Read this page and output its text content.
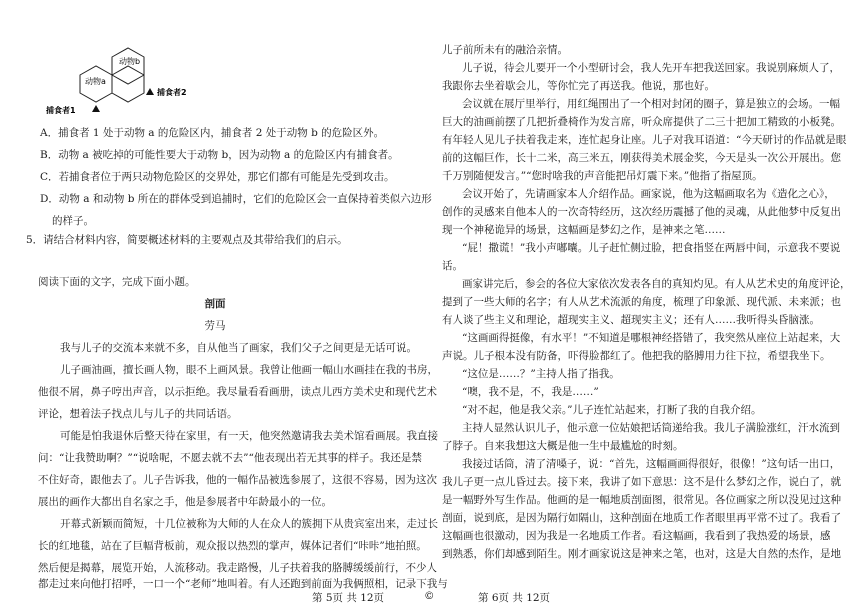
动物b
动物a
捕食者2
捕食者1
A．捕食者 1 处于动物 a 的危险区内，捕食者 2 处于动物 b 的危险区外。
B．动物 a 被吃掉的可能性要大于动物 b，因为动物 a 的危险区内有捕食者。
C．若捕食者位于两只动物危险区的交界处，那它们都有可能是先受到攻击。
D．动物 a 和动物 b 所在的群体受到追捕时，它们的危险区会一直保持着类似六边形
的样子。
5．请结合材料内容，简要概述材料的主要观点及其带给我们的启示。
阅读下面的文字，完成下面小题。
剖面
劳马
我与儿子的交流本来就不多，自从他当了画家，我们父子之间更是无话可说。
儿子画油画，擅长画人物，眼不上画风景。我曾让他画一幅山水画挂在我的书房，
他很不屑，鼻子哼出声音，以示拒绝。我尽量看看画册，读点儿西方美术史和现代艺术
评论，想着法子找点儿与儿子的共同话语。
可能是怕我退休后整天待在家里，有一天，他突然邀请我去美术馆看画展。我直接
问：“让我赞助啊？”“说啥呢，不愿去就不去”“他表现出若无其事的样子。我还是禁
不住好奇，跟他去了。儿子告诉我，他的一幅作品被选参展了，这很不容易，因为这次
展出的画作大都出自名家之手，他是参展者中年龄最小的一位。
开幕式新颖而简短，十几位被称为大师的人在众人的簇拥下从贵宾室出来，走过长
长的红地毯，站在了巨幅背板前，观众报以热烈的掌声，媒体记者们“咔咔”地拍照。
然后便是揭幕，展览开始，人流移动。我走路慢，儿子扶着我的胳膊缓缓前行，不少人
都走过来向他打招呼，一口一个“老师”地叫着。有人还跑到前面为我俩照相，记录下我与
第 5页 共 12页	©
儿子前所未有的融洽亲情。
儿子说，待会儿要开一个小型研讨会，我人先开车把我送回家。我说别麻烦人了，
我跟你去坐着歇会儿，等你忙完了再送我。他说，那也好。
会议就在展厅里举行，用红绳围出了一个相对封闭的圈子，算是独立的会场。一幅
巨大的油画前摆了几把折叠椅作为发言席，听众席提供了二三十把加工精致的小板凳。
有年轻人见儿子扶着我走来，连忙起身让座。儿子对我耳语道：“今天研讨的作品就是眼
前的这幅巨作，长十二米，高三米五，刚获得美术展金奖，今天是头一次公开展出。您
千万别随便发言。”“您时啥我的声音能把吊灯震下来。”他指了指屋顶。
会议开始了，先请画家本人介绍作品。画家说，他为这幅画取名为《造化之心》，
创作的灵感来自他本人的一次奇特经历，这次经历震撼了他的灵魂，从此他梦中反复出
现一个神秘诡异的场景，这幅画是梦幻之作，是神来之笔……
“屁！撒谎！”我小声嘟囔。儿子赶忙侧过脸，把食指竖在两唇中间，示意我不要说
话。
画家讲完后，参会的各位大家依次发表各自的真知灼见。有人从艺术史的角度评论，
提到了一些大师的名字；有人从艺术流派的角度，梳理了印象派、现代派、未来派；也
有人谈了些主义和理论，超现实主义、超现实主义；还有人……我听得头昏脑涨。
“这画画得挺像，有水平！”不知道是哪根神经搭错了，我突然从座位上站起来，大
声说。儿子根本没有防备，吓得脸都红了。他把我的胳膊用力往下拉，希望我坐下。
“这位是……？”主持人指了指我。
“噢，我不是，不，我是……”
“对不起，他是我父亲。”儿子连忙站起来，打断了我的自我介绍。
主持人显然认识儿子，他示意一位姑娘把话筒递给我。我儿子满脸涨红，汗水流到
了脖子。自来我想这大概是他一生中最尴尬的时刻。
我接过话筒，清了清嗓子，说：“首先，这幅画画得很好，很像！”这句话一出口，
我儿子更一点儿昏过去。接下来，我讲了如下意思：这不是什么梦幻之作，说白了，就
是一幅野外写生作品。他画的是一幅地质剖面图，很常见。各位画家之所以没见过这种
剖面，说到底，是因为隔行如隔山，这种剖面在地质工作者眼里再平常不过了。我看了
这幅画也很激动，因为我是一名地质工作者。看这幅画，我看到了我热爱的场景，感
到熟悉，你们却感到陌生。刚才画家说这是神来之笔，也对，这是大自然的杰作，是地
第 6页 共 12页
